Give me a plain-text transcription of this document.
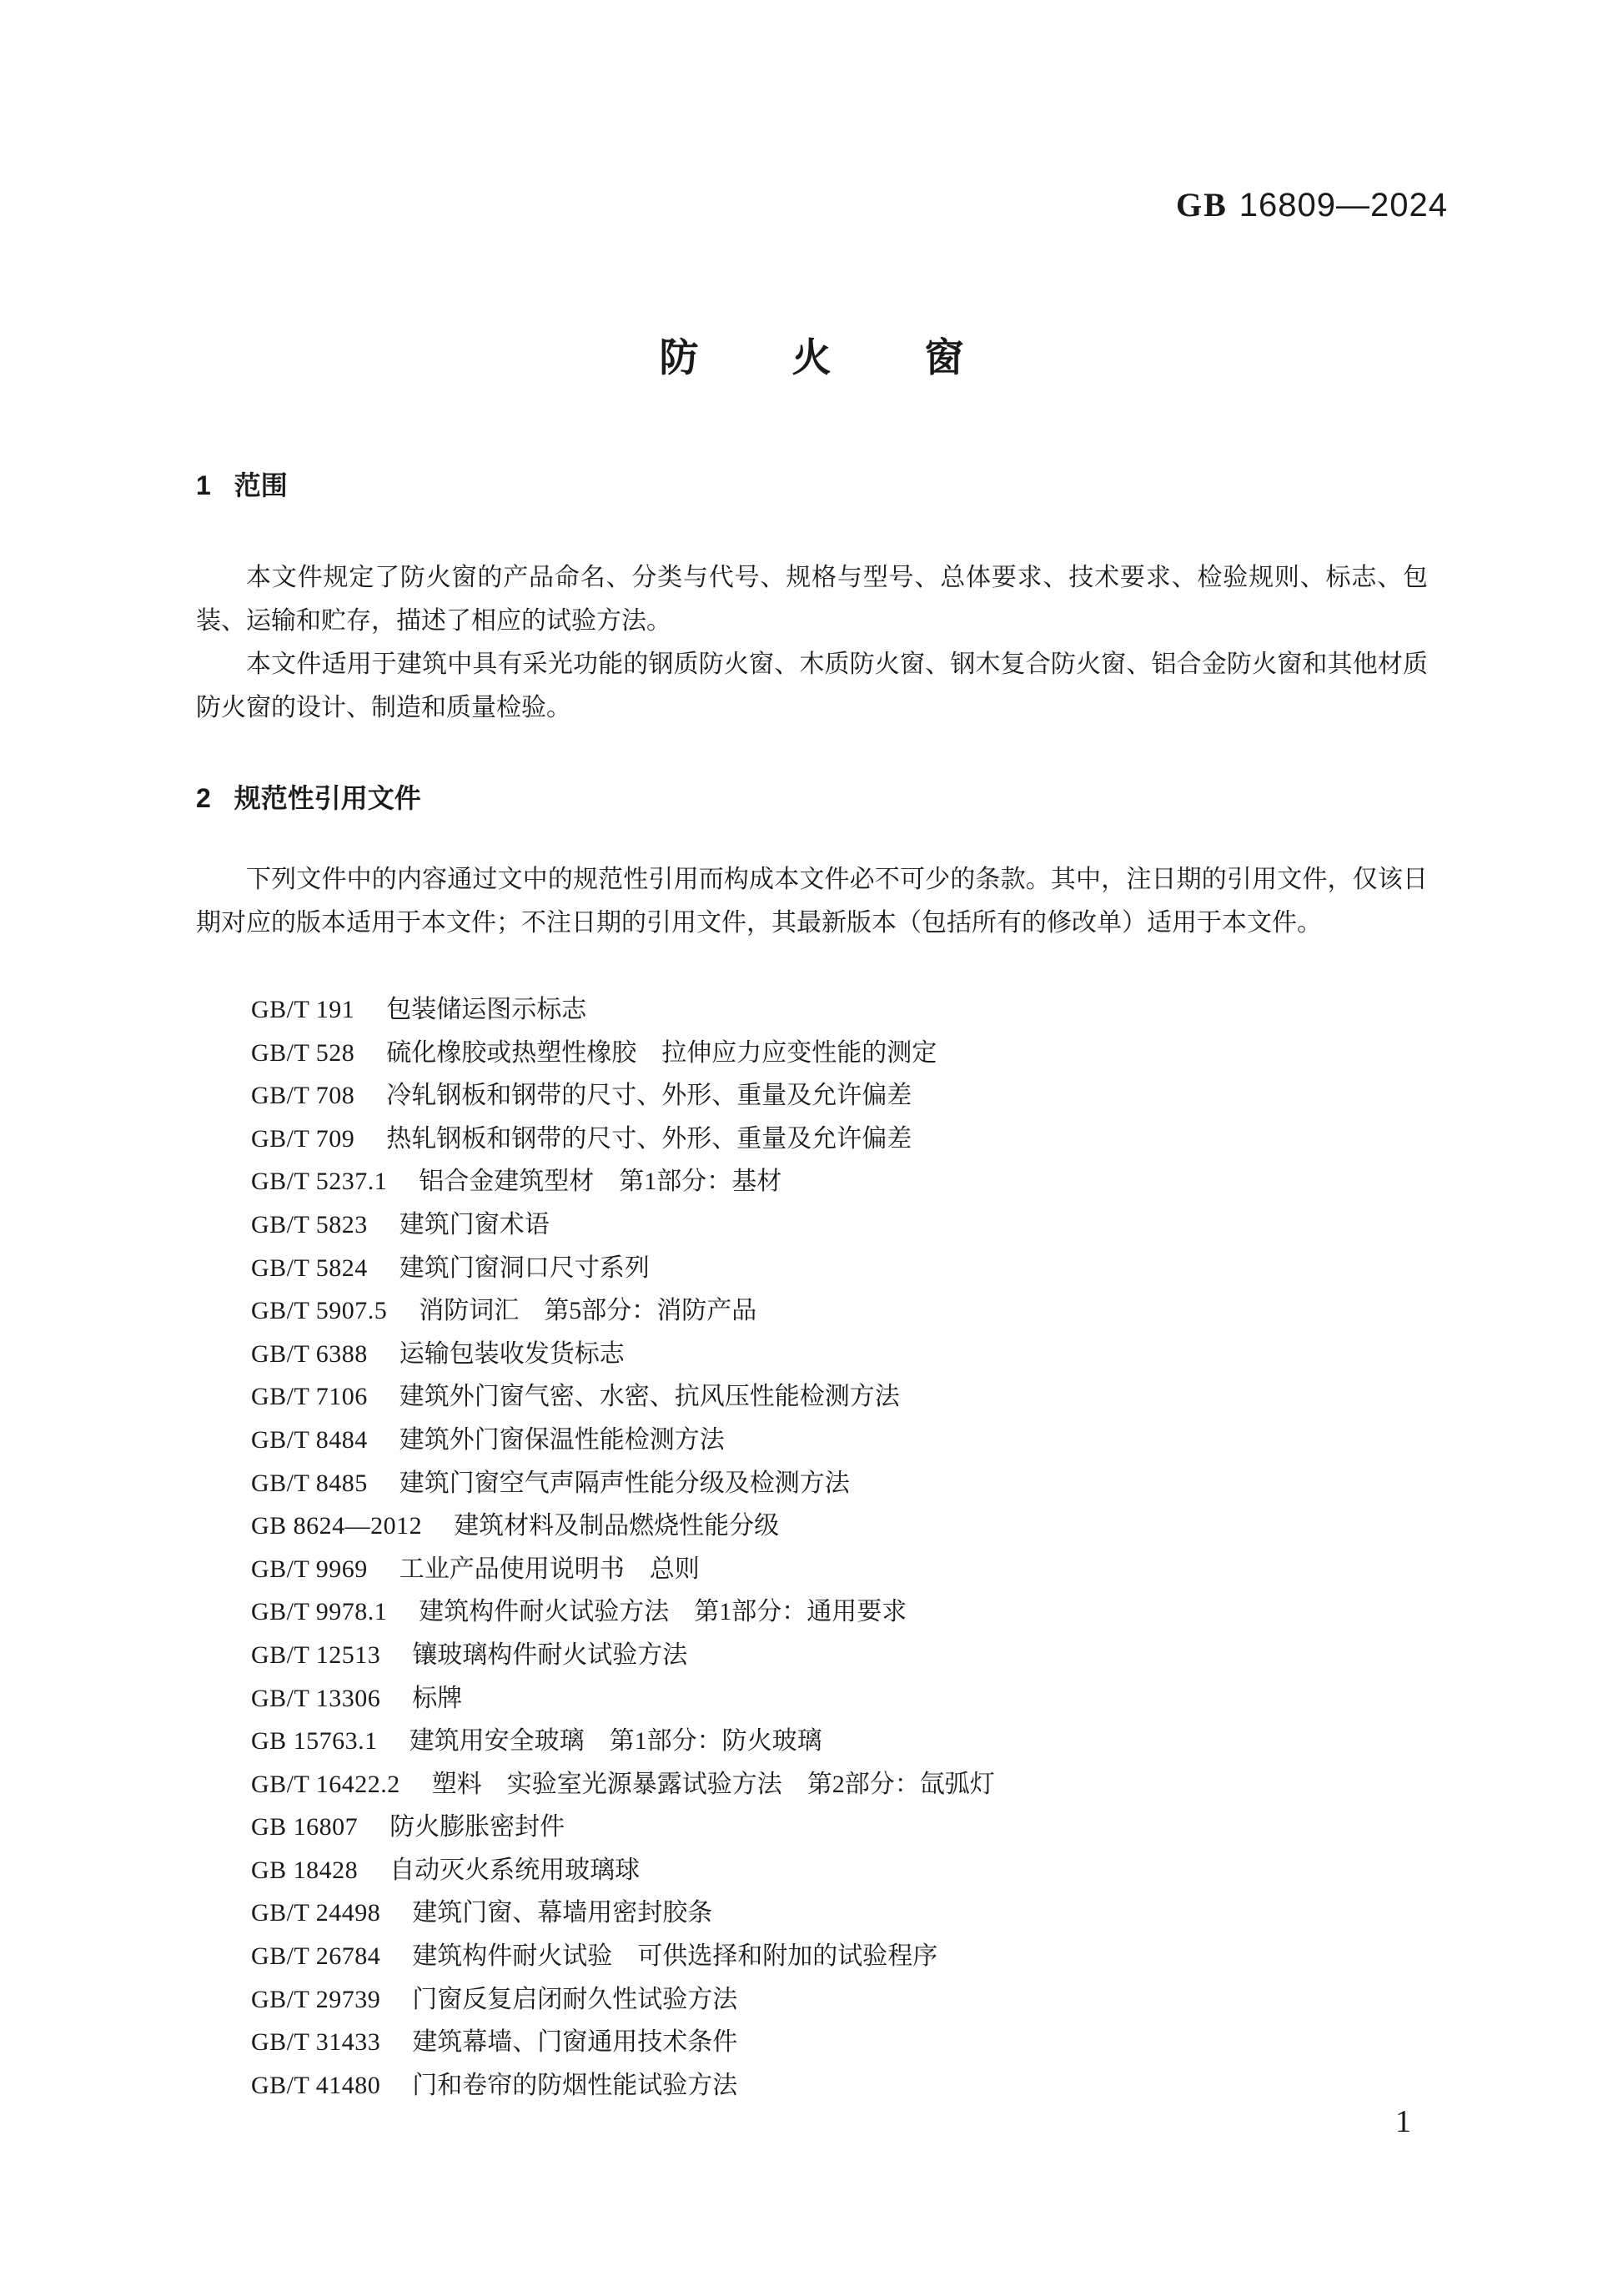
GB 16809—2024
防火窗
1 范围

本文件规定了防火窗的产品命名、分类与代号、规格与型号、总体要求、技术要求、检验规则、标志、包装、运输和贮存，描述了相应的试验方法。

本文件适用于建筑中具有采光功能的钢质防火窗、木质防火窗、钢木复合防火窗、铝合金防火窗和其他材质防火窗的设计、制造和质量检验。

2 规范性引用文件

下列文件中的内容通过文中的规范性引用而构成本文件必不可少的条款。其中，注日期的引用文件，仅该日期对应的版本适用于本文件；不注日期的引用文件，其最新版本（包括所有的修改单）适用于本文件。

GB/T 191 包装储运图示标志
GB/T 528 硫化橡胶或热塑性橡胶　拉伸应力应变性能的测定
GB/T 708 冷轧钢板和钢带的尺寸、外形、重量及允许偏差
GB/T 709 热轧钢板和钢带的尺寸、外形、重量及允许偏差
GB/T 5237.1 铝合金建筑型材　第1部分：基材
GB/T 5823 建筑门窗术语
GB/T 5824 建筑门窗洞口尺寸系列
GB/T 5907.5 消防词汇　第5部分：消防产品
GB/T 6388 运输包装收发货标志
GB/T 7106 建筑外门窗气密、水密、抗风压性能检测方法
GB/T 8484 建筑外门窗保温性能检测方法
GB/T 8485 建筑门窗空气声隔声性能分级及检测方法
GB 8624—2012 建筑材料及制品燃烧性能分级
GB/T 9969 工业产品使用说明书　总则
GB/T 9978.1 建筑构件耐火试验方法　第1部分：通用要求
GB/T 12513 镶玻璃构件耐火试验方法
GB/T 13306 标牌
GB 15763.1 建筑用安全玻璃　第1部分：防火玻璃
GB/T 16422.2 塑料　实验室光源暴露试验方法　第2部分：氙弧灯
GB 16807 防火膨胀密封件
GB 18428 自动灭火系统用玻璃球
GB/T 24498 建筑门窗、幕墙用密封胶条
GB/T 26784 建筑构件耐火试验　可供选择和附加的试验程序
GB/T 29739 门窗反复启闭耐久性试验方法
GB/T 31433 建筑幕墙、门窗通用技术条件
GB/T 41480 门和卷帘的防烟性能试验方法
1
